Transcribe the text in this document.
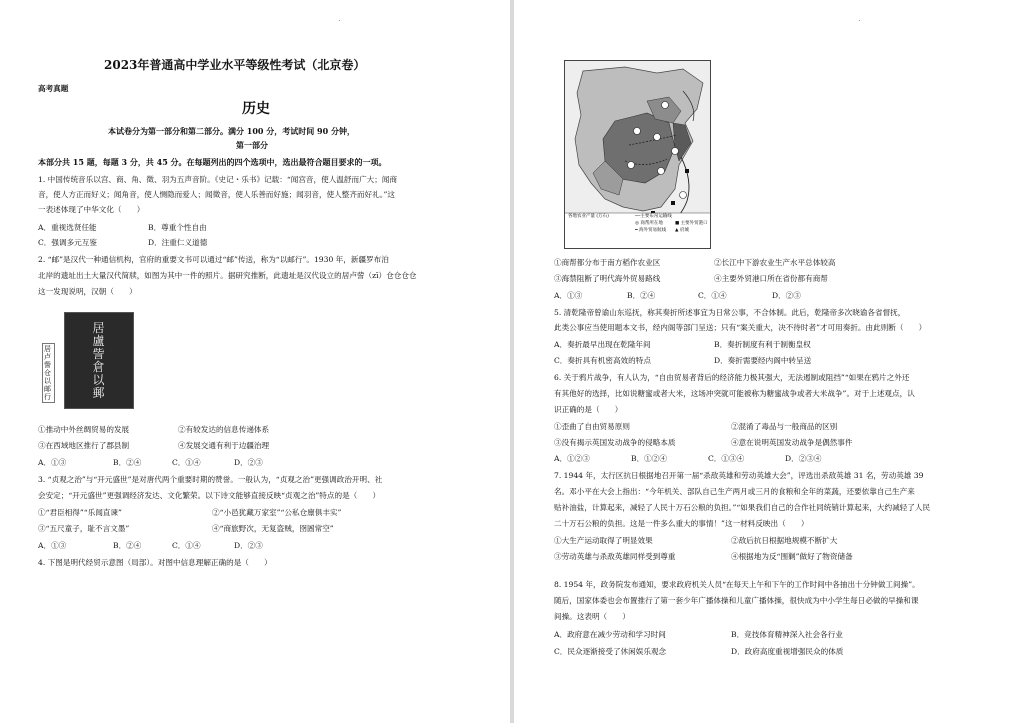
.
2023年普通高中学业水平等级性考试（北京卷）
高考真题
历史
本试卷分为第一部分和第二部分。满分 100 分，考试时间 90 分钟，
第一部分
本部分共 15 题，每题 3 分，共 45 分。在每题列出的四个选项中，选出最符合题目要求的一项。
1. 中国传统音乐以宫、商、角、徵、羽为五声音阶。《史记・乐书》记载：“闻宫音，使人温舒而广大；闻商
音，使人方正而好义；闻角音，使人恻隐而爱人；闻徵音，使人乐善而好施；闻羽音，使人整齐而好礼。”这
一表述体现了中华文化（　　）
A．重视选贤任能	B．尊重个性自由
C．强调多元互鉴	D．注重仁义道德
2. “邮”是汉代一种通信机构，官府的重要文书可以通过“邮”传送，称为“以邮行”。1930 年，新疆罗布泊
北岸的遗址出土大量汉代简牍，如图为其中一件的照片。据研究推断，此遗址是汉代设立的居卢訾（zī）仓仓仓仓
这一发现说明，汉朝（　　）
居
盧
訾
倉
以
郵
居卢訾仓以邮行
①推动中外丝绸贸易的发展	②有较发达的信息传递体系
③在西域地区推行了郡县制	④发展交通有利于边疆治理
A．①③	B．②④	C．①④	D．②③
3. “贞观之治”与“开元盛世”是对唐代两个重要时期的赞誉。一般认为，“贞观之治”更强调政治开明、社
会安定；“开元盛世”更强调经济发达、文化繁荣。以下诗文能够直接反映“贞观之治”特点的是（　　）
①“君臣相得”“乐闻直谏”	②“小邑犹藏万家室”“公私仓廪俱丰实”
③“五尺童子，耻不言文墨”	④“商旅野次，无复盗贼，囹圄常空”
A．①③	B．②④	C．①④	D．②③
4. 下图是明代经贸示意图（局部）。对图中信息理解正确的是（　　）
.
各地农业产量 (万石)	──主要布帛运输线
◎ 商帮所在地
━ 海外贸易航线
■ 主要外贸港口
▲ 府城
①商帮都分布于南方稻作农业区	②长江中下游农业生产水平总体较高
③海禁阻断了明代海外贸易路线	④主要外贸港口所在省份都有商帮
A．①③	B．②④	C．①④	D．②③
5. 清乾隆帝曾谕山东巡抚，称其奏折所述事宜为日常公事，不合体制。此后，乾隆帝多次晓谕各省督抚，
此类公事应当使用题本文书，经内阁等部门呈送；只有“案关重大，决不待时者”才可用奏折。由此则断（　　）
A．奏折最早出现在乾隆年间	B．奏折制度有利于制衡皇权
C．奏折具有机密高效的特点	D．奏折需要经内阁中转呈送
6. 关于鸦片战争，有人认为，“自由贸易者背后的经济能力极其强大，无法遏制或阻挡”“如果在鸦片之外还
有其他好的选择，比如说糖蜜或者大米，这场冲突就可能被称为糖蜜战争或者大米战争”。对于上述观点，认
识正确的是（　　）
①歪曲了自由贸易原则	②混淆了毒品与一般商品的区别
③没有揭示英国发动战争的侵略本质	④意在说明英国发动战争是偶然事件
A．①②③	B．①②④	C．①③④	D．②③④
7. 1944 年，太行区抗日根据地召开第一届“杀敌英雄和劳动英雄大会”，评选出杀敌英雄 31 名，劳动英雄 39
名。邓小平在大会上指出：“今年机关、部队自己生产两月或三月的食粮和全年的菜蔬，还要依靠自己生产来
贴补油盐，计算起来，减轻了人民十万石公粮的负担。”“如果我们自己的合作社同统销计算起来，大约减轻了人民
二十万石公粮的负担。这是一件多么重大的事情！”这一材料反映出（　　）
①大生产运动取得了明显效果	②敌后抗日根据地规模不断扩大
③劳动英雄与杀敌英雄同样受到尊重	④根据地为反“围剿”做好了物资储备
8. 1954 年，政务院发布通知，要求政府机关人员“在每天上午和下午的工作时间中各抽出十分钟做工间操”。
随后，国家体委也会布置推行了第一套少年广播体操和儿童广播体操，很快成为中小学生每日必做的早操和课
间操。这表明（　　）
A．政府意在减少劳动和学习时间	B．竞技体育精神深入社会各行业
C．民众逐渐接受了休闲娱乐观念	D．政府高度重视增强民众的体质
